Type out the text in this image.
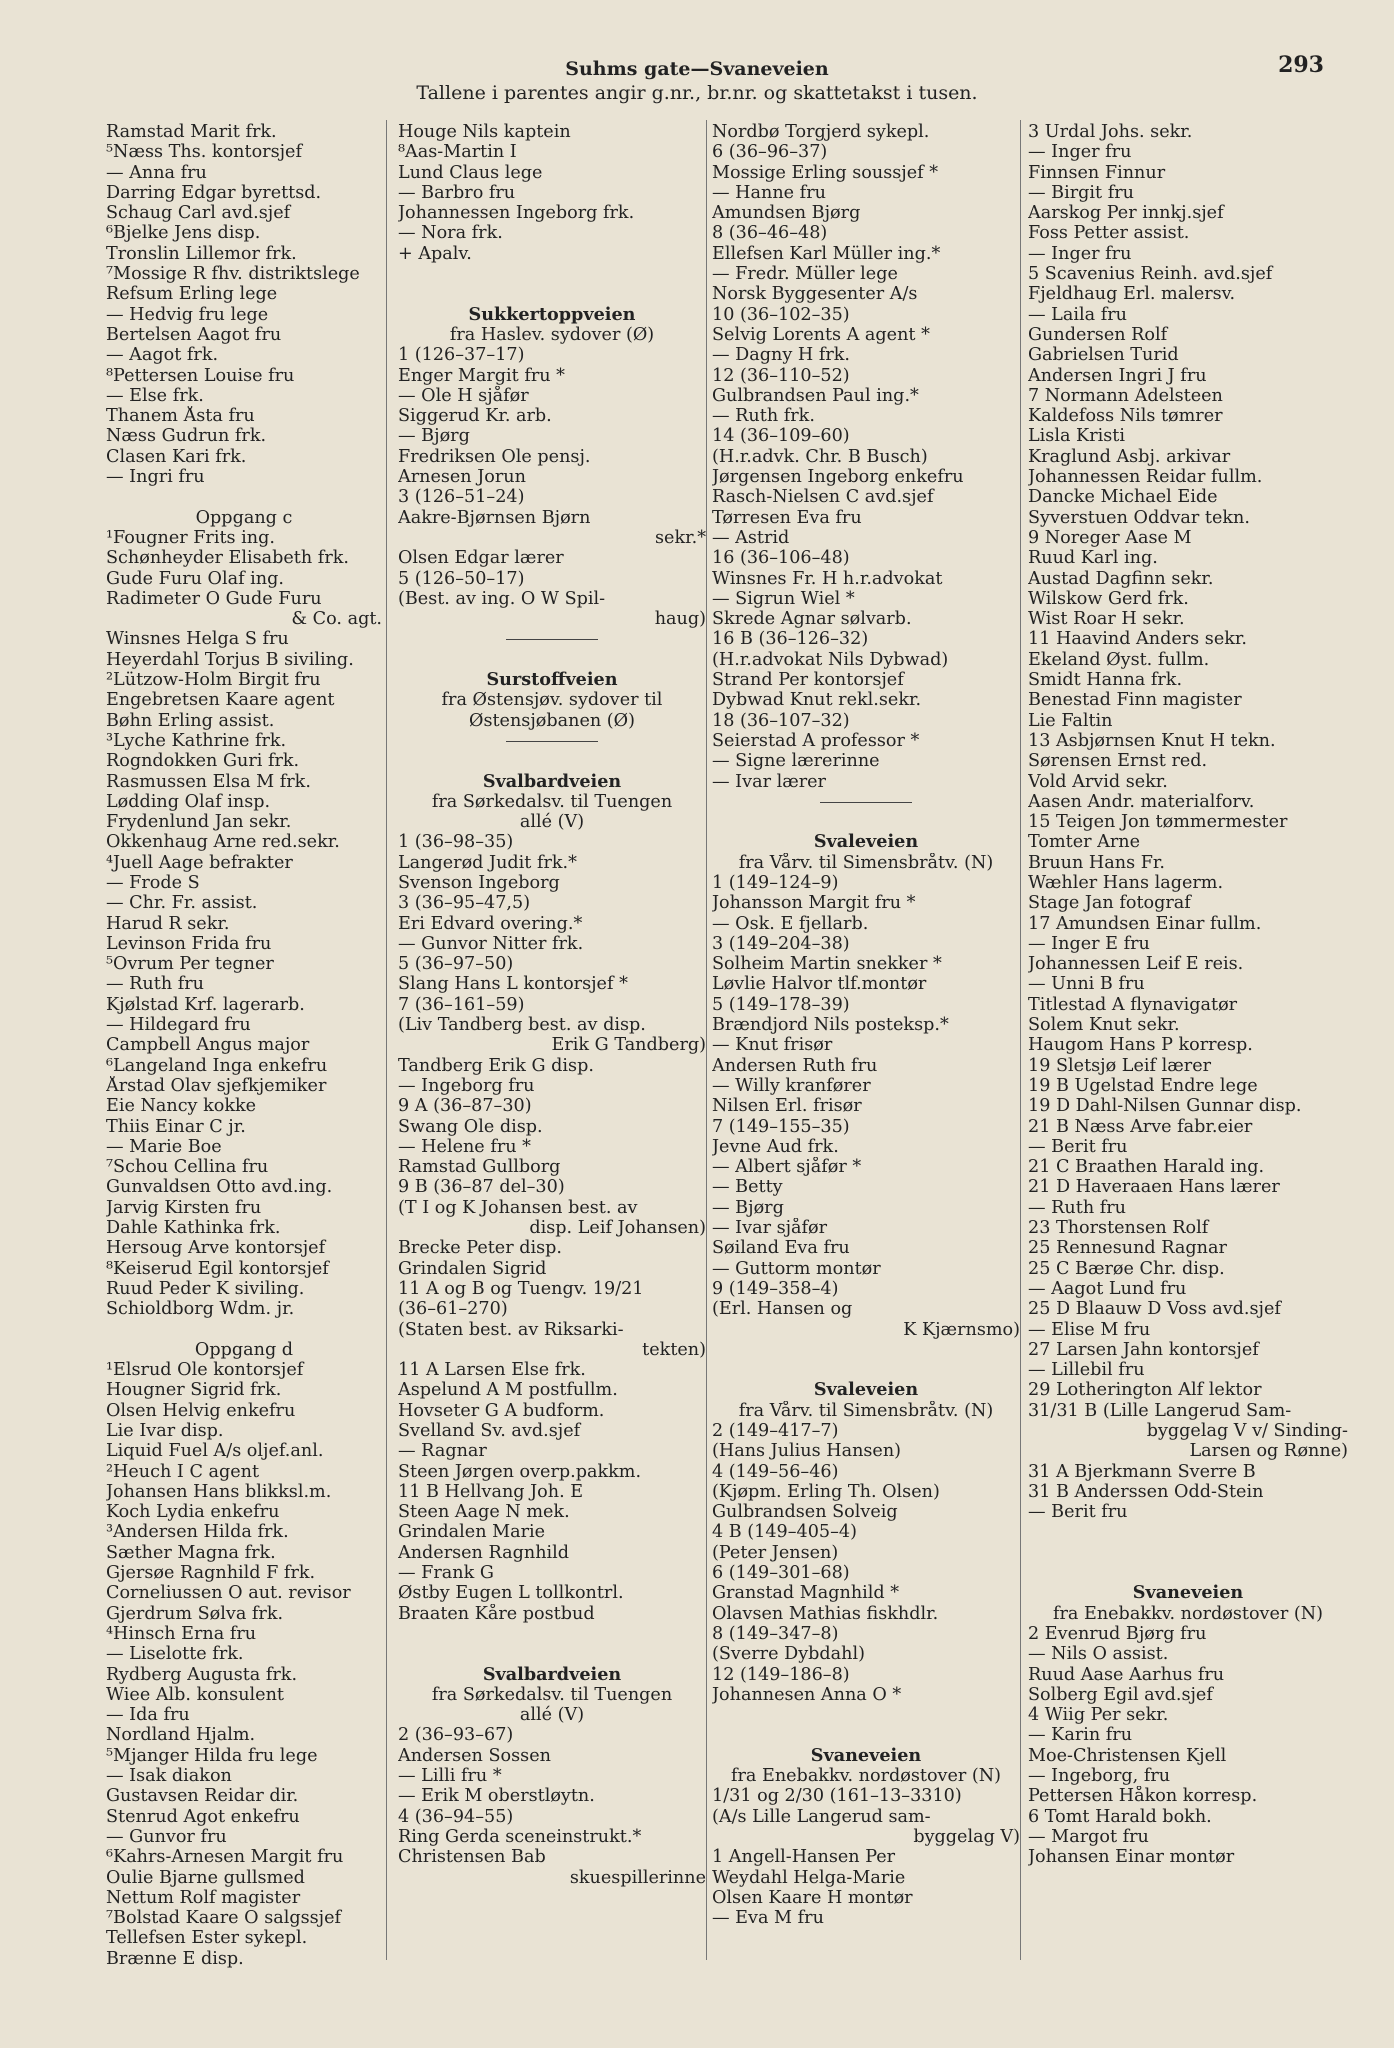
Suhms gate—Svaneveien
Tallene i parentes angir g.nr., br.nr. og skattetakst i tusen.
293
Ramstad Marit frk.
⁵Næss Ths. kontorsjef
— Anna fru
Darring Edgar byrettsd.
Schaug Carl avd.sjef
⁶Bjelke Jens disp.
Tronslin Lillemor frk.
⁷Mossige R fhv. distriktslege
Refsum Erling lege
— Hedvig fru lege
Bertelsen Aagot fru
— Aagot frk.
⁸Pettersen Louise fru
— Else frk.
Thanem Åsta fru
Næss Gudrun frk.
Clasen Kari frk.
— Ingri fru
Oppgang c
¹Fougner Frits ing.
Schønheyder Elisabeth frk.
Gude Furu Olaf ing.
Radimeter O Gude Furu
& Co. agt.
Winsnes Helga S fru
Heyerdahl Torjus B siviling.
²Lützow-Holm Birgit fru
Engebretsen Kaare agent
Bøhn Erling assist.
³Lyche Kathrine frk.
Rogndokken Guri frk.
Rasmussen Elsa M frk.
Lødding Olaf insp.
Frydenlund Jan sekr.
Okkenhaug Arne red.sekr.
⁴Juell Aage befrakter
— Frode S
— Chr. Fr. assist.
Harud R sekr.
Levinson Frida fru
⁵Ovrum Per tegner
— Ruth fru
Kjølstad Krf. lagerarb.
— Hildegard fru
Campbell Angus major
⁶Langeland Inga enkefru
Årstad Olav sjefkjemiker
Eie Nancy kokke
Thiis Einar C jr.
— Marie Boe
⁷Schou Cellina fru
Gunvaldsen Otto avd.ing.
Jarvig Kirsten fru
Dahle Kathinka frk.
Hersoug Arve kontorsjef
⁸Keiserud Egil kontorsjef
Ruud Peder K siviling.
Schioldborg Wdm. jr.
Oppgang d
¹Elsrud Ole kontorsjef
Hougner Sigrid frk.
Olsen Helvig enkefru
Lie Ivar disp.
Liquid Fuel A/s oljef.anl.
²Heuch I C agent
Johansen Hans blikksl.m.
Koch Lydia enkefru
³Andersen Hilda frk.
Sæther Magna frk.
Gjersøe Ragnhild F frk.
Corneliussen O aut. revisor
Gjerdrum Sølva frk.
⁴Hinsch Erna fru
— Liselotte frk.
Rydberg Augusta frk.
Wiee Alb. konsulent
— Ida fru
Nordland Hjalm.
⁵Mjanger Hilda fru lege
— Isak diakon
Gustavsen Reidar dir.
Stenrud Agot enkefru
— Gunvor fru
⁶Kahrs-Arnesen Margit fru
Oulie Bjarne gullsmed
Nettum Rolf magister
⁷Bolstad Kaare O salgssjef
Tellefsen Ester sykepl.
Brænne E disp.
Houge Nils kaptein
⁸Aas-Martin I
Lund Claus lege
— Barbro fru
Johannessen Ingeborg frk.
— Nora frk.
+ Apalv.
Sukkertoppveien
fra Haslev. sydover (Ø)
1 (126–37–17)
Enger Margit fru *
— Ole H sjåfør
Siggerud Kr. arb.
— Bjørg
Fredriksen Ole pensj.
Arnesen Jorun
3 (126–51–24)
Aakre-Bjørnsen Bjørn
sekr.*
Olsen Edgar lærer
5 (126–50–17)
(Best. av ing. O W Spil-
haug)
Surstoffveien
fra Østensjøv. sydover til
Østensjøbanen (Ø)
Svalbardveien
fra Sørkedalsv. til Tuengen
allé (V)
1 (36–98–35)
Langerød Judit frk.*
Svenson Ingeborg
3 (36–95–47,5)
Eri Edvard overing.*
— Gunvor Nitter frk.
5 (36–97–50)
Slang Hans L kontorsjef *
7 (36–161–59)
(Liv Tandberg best. av disp.
Erik G Tandberg)
Tandberg Erik G disp.
— Ingeborg fru
9 A (36–87–30)
Swang Ole disp.
— Helene fru *
Ramstad Gullborg
9 B (36–87 del–30)
(T I og K Johansen best. av
disp. Leif Johansen)
Brecke Peter disp.
Grindalen Sigrid
11 A og B og Tuengv. 19/21
(36–61–270)
(Staten best. av Riksarki-
tekten)
11 A Larsen Else frk.
Aspelund A M postfullm.
Hovseter G A budform.
Svelland Sv. avd.sjef
— Ragnar
Steen Jørgen overp.pakkm.
11 B Hellvang Joh. E
Steen Aage N mek.
Grindalen Marie
Andersen Ragnhild
— Frank G
Østby Eugen L tollkontrl.
Braaten Kåre postbud
Svalbardveien
fra Sørkedalsv. til Tuengen
allé (V)
2 (36–93–67)
Andersen Sossen
— Lilli fru *
— Erik M oberstløytn.
4 (36–94–55)
Ring Gerda sceneinstrukt.*
Christensen Bab
skuespillerinne
Nordbø Torgjerd sykepl.
6 (36–96–37)
Mossige Erling soussjef *
— Hanne fru
Amundsen Bjørg
8 (36–46–48)
Ellefsen Karl Müller ing.*
— Fredr. Müller lege
Norsk Byggesenter A/s
10 (36–102–35)
Selvig Lorents A agent *
— Dagny H frk.
12 (36–110–52)
Gulbrandsen Paul ing.*
— Ruth frk.
14 (36–109–60)
(H.r.advk. Chr. B Busch)
Jørgensen Ingeborg enkefru
Rasch-Nielsen C avd.sjef
Tørresen Eva fru
— Astrid
16 (36–106–48)
Winsnes Fr. H h.r.advokat
— Sigrun Wiel *
Skrede Agnar sølvarb.
16 B (36–126–32)
(H.r.advokat Nils Dybwad)
Strand Per kontorsjef
Dybwad Knut rekl.sekr.
18 (36–107–32)
Seierstad A professor *
— Signe lærerinne
— Ivar lærer
Svaleveien
fra Vårv. til Simensbråtv. (N)
1 (149–124–9)
Johansson Margit fru *
— Osk. E fjellarb.
3 (149–204–38)
Solheim Martin snekker *
Løvlie Halvor tlf.montør
5 (149–178–39)
Brændjord Nils posteksp.*
— Knut frisør
Andersen Ruth fru
— Willy kranfører
Nilsen Erl. frisør
7 (149–155–35)
Jevne Aud frk.
— Albert sjåfør *
— Betty
— Bjørg
— Ivar sjåfør
Søiland Eva fru
— Guttorm montør
9 (149–358–4)
(Erl. Hansen og
K Kjærnsmo)
Svaleveien
fra Vårv. til Simensbråtv. (N)
2 (149–417–7)
(Hans Julius Hansen)
4 (149–56–46)
(Kjøpm. Erling Th. Olsen)
Gulbrandsen Solveig
4 B (149–405–4)
(Peter Jensen)
6 (149–301–68)
Granstad Magnhild *
Olavsen Mathias fiskhdlr.
8 (149–347–8)
(Sverre Dybdahl)
12 (149–186–8)
Johannesen Anna O *
Svaneveien
fra Enebakkv. nordøstover (N)
1/31 og 2/30 (161–13–3310)
(A/s Lille Langerud sam-
byggelag V)
1 Angell-Hansen Per
Weydahl Helga-Marie
Olsen Kaare H montør
— Eva M fru
3 Urdal Johs. sekr.
— Inger fru
Finnsen Finnur
— Birgit fru
Aarskog Per innkj.sjef
Foss Petter assist.
— Inger fru
5 Scavenius Reinh. avd.sjef
Fjeldhaug Erl. malersv.
— Laila fru
Gundersen Rolf
Gabrielsen Turid
Andersen Ingri J fru
7 Normann Adelsteen
Kaldefoss Nils tømrer
Lisla Kristi
Kraglund Asbj. arkivar
Johannessen Reidar fullm.
Dancke Michael Eide
Syverstuen Oddvar tekn.
9 Noreger Aase M
Ruud Karl ing.
Austad Dagfinn sekr.
Wilskow Gerd frk.
Wist Roar H sekr.
11 Haavind Anders sekr.
Ekeland Øyst. fullm.
Smidt Hanna frk.
Benestad Finn magister
Lie Faltin
13 Asbjørnsen Knut H tekn.
Sørensen Ernst red.
Vold Arvid sekr.
Aasen Andr. materialforv.
15 Teigen Jon tømmermester
Tomter Arne
Bruun Hans Fr.
Wæhler Hans lagerm.
Stage Jan fotograf
17 Amundsen Einar fullm.
— Inger E fru
Johannessen Leif E reis.
— Unni B fru
Titlestad A flynavigatør
Solem Knut sekr.
Haugom Hans P korresp.
19 Sletsjø Leif lærer
19 B Ugelstad Endre lege
19 D Dahl-Nilsen Gunnar disp.
21 B Næss Arve fabr.eier
— Berit fru
21 C Braathen Harald ing.
21 D Haveraaen Hans lærer
— Ruth fru
23 Thorstensen Rolf
25 Rennesund Ragnar
25 C Bærøe Chr. disp.
— Aagot Lund fru
25 D Blaauw D Voss avd.sjef
— Elise M fru
27 Larsen Jahn kontorsjef
— Lillebil fru
29 Lotherington Alf lektor
31/31 B (Lille Langerud Sam-
byggelag V v/ Sinding-
Larsen og Rønne)
31 A Bjerkmann Sverre B
31 B Anderssen Odd-Stein
— Berit fru
Svaneveien
fra Enebakkv. nordøstover (N)
2 Evenrud Bjørg fru
— Nils O assist.
Ruud Aase Aarhus fru
Solberg Egil avd.sjef
4 Wiig Per sekr.
— Karin fru
Moe-Christensen Kjell
— Ingeborg, fru
Pettersen Håkon korresp.
6 Tomt Harald bokh.
— Margot fru
Johansen Einar montør
